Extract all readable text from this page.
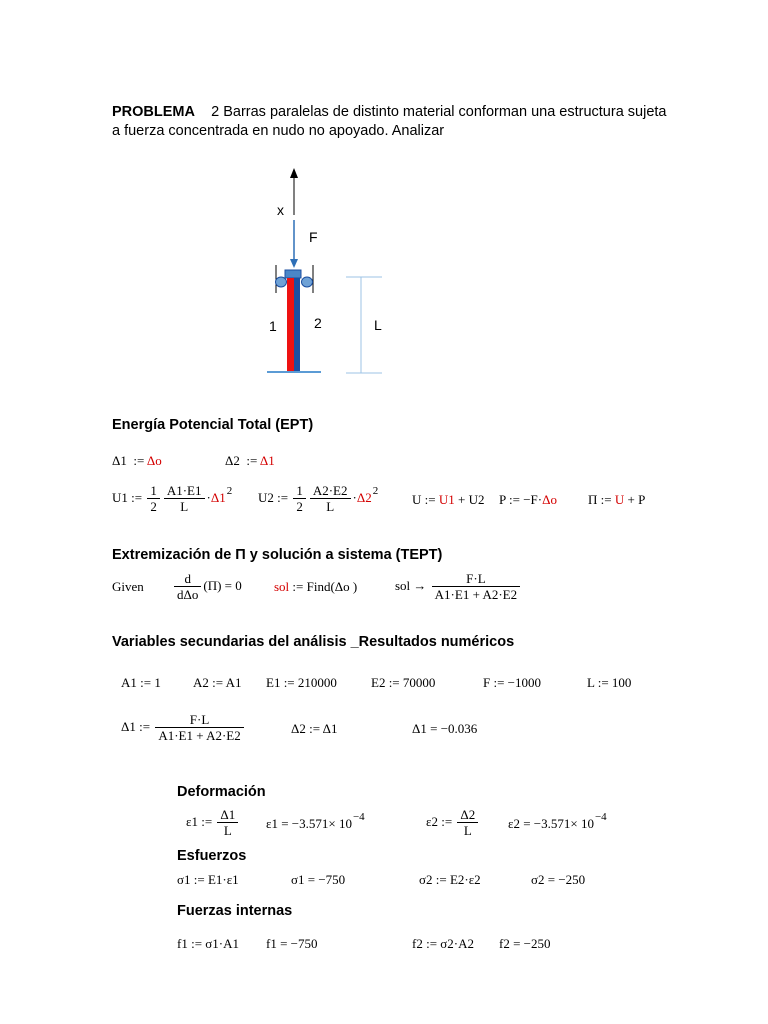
PROBLEMA 2 Barras paralelas de distinto material conforman una estructura sujeta a fuerza concentrada en nudo no apoyado. Analizar
x
F
1	2	L
Energía Potencial Total (EPT)
Δ1 := Δo	Δ2 := Δ1
U1 := $\frac{1}{2} \frac{A1\cdot E1}{L} \cdot\Delta 1^2$ U2 := $\frac{1}{2} \frac{A2\cdot E2}{L} \cdot\Delta 2^2$
U := U1 + U2 P := −F·Δo Π := U + P
Extremización de Π y solución a sistema (TEPT)
Given $\frac{d}{\text{dΔo}} (\Pi) = 0$ sol := Find(Δo )	sol → $\frac{F\cdot L}{A1\cdot E1 + A2\cdot E2}$
Variables secundarias del análisis _Resultados numéricos
A1 := 1 A2 := A1 E1 := 210000	E2 := 70000	F := −1000	L := 100
Δ1 := $\frac{F\cdot L}{A1\cdot E1 + A2\cdot E2}$	Δ2 := Δ1	Δ1 = −0.036
Deformación
ε1 := $\frac{\Delta 1}{L} \varepsilon 1 = -3.571\times 10^{-4}$	ε2 := $\frac{\Delta 2}{L} \varepsilon 2 = -3.571\times 10^{-4}$
Esfuerzos
σ1 := E1·ε1	σ1 = −750	σ2 := E2·ε2	σ2 = −250
Fuerzas internas
f1 := σ1·A1 f1 = −750	f2 := σ2·A2 f2 = −250
